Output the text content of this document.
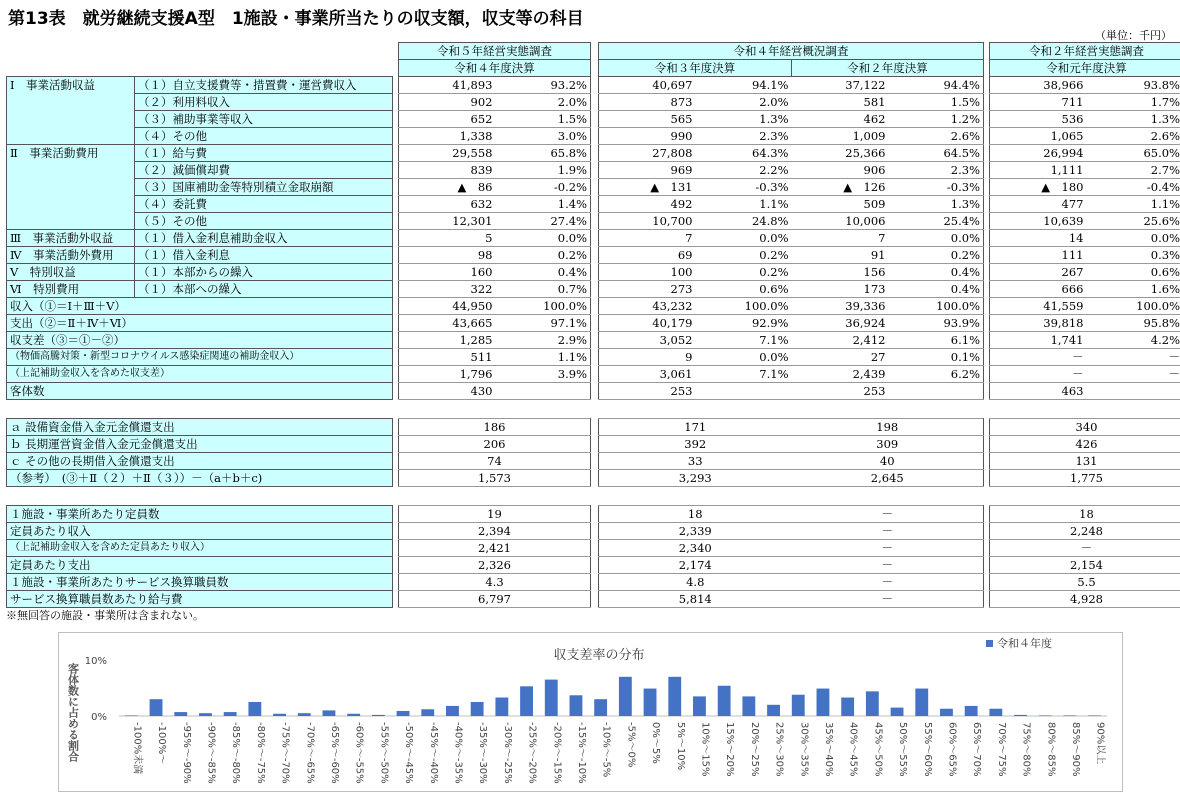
第13表　就労継続支援A型　1施設・事業所当たりの収支額，収支等の科目
（単位：千円）
			令和５年経営実態調査			令和４年経営概況調査					令和２年経営実態調査	
			令和４年度決算			令和３年度決算		令和２年度決算			令和元年度決算	
Ⅰ　事業活動収益	（１）自立支援費等・措置費・運営費収入		41,893	93.2%		40,697	94.1%	37,122	94.4%		38,966	93.8%
	（２）利用料収入		902	2.0%		873	2.0%	581	1.5%		711	1.7%
	（３）補助事業等収入		652	1.5%		565	1.3%	462	1.2%		536	1.3%
	（４）その他		1,338	3.0%		990	2.3%	1,009	2.6%		1,065	2.6%
Ⅱ　事業活動費用	（１）給与費		29,558	65.8%		27,808	64.3%	25,366	64.5%		26,994	65.0%
	（２）減価償却費		839	1.9%		969	2.2%	906	2.3%		1,111	2.7%
	（３）国庫補助金等特別積立金取崩額		▲　86	-0.2%		▲　131	-0.3%	▲　126	-0.3%		▲　180	-0.4%
	（４）委託費		632	1.4%		492	1.1%	509	1.3%		477	1.1%
	（５）その他		12,301	27.4%		10,700	24.8%	10,006	25.4%		10,639	25.6%
Ⅲ　事業活動外収益	（１）借入金利息補助金収入		5	0.0%		7	0.0%	7	0.0%		14	0.0%
Ⅳ　事業活動外費用	（１）借入金利息		98	0.2%		69	0.2%	91	0.2%		111	0.3%
Ⅴ　特別収益	（１）本部からの繰入		160	0.4%		100	0.2%	156	0.4%		267	0.6%
Ⅵ　特別費用	（１）本部への繰入		322	0.7%		273	0.6%	173	0.4%		666	1.6%
収入（①＝Ⅰ＋Ⅲ＋Ⅴ）			44,950	100.0%		43,232	100.0%	39,336	100.0%		41,559	100.0%
支出（②＝Ⅱ＋Ⅳ＋Ⅵ）			43,665	97.1%		40,179	92.9%	36,924	93.9%		39,818	95.8%
収支差（③＝①－②）			1,285	2.9%		3,052	7.1%	2,412	6.1%		1,741	4.2%
（物価高騰対策・新型コロナウイルス感染症関連の補助金収入）			511	1.1%		9	0.0%	27	0.1%		－	－
（上記補助金収入を含めた収支差）			1,796	3.9%		3,061	7.1%	2,439	6.2%		－	－
客体数			430			253		253			463	
ａ 設備資金借入金元金償還支出		186		171	198		340
ｂ 長期運営資金借入金元金償還支出		206		392	309		426
ｃ その他の長期借入金償還支出		74		33	40		131
（参考）　(③＋Ⅱ（２）＋Ⅱ（３））－（a＋b＋c)		1,573		3,293	2,645		1,775
１施設・事業所あたり定員数		19		18	－		18
定員あたり収入		2,394		2,339	－		2,248
（上記補助金収入を含めた定員あたり収入）		2,421		2,340	－		－
定員あたり支出		2,326		2,174	－		2,154
１施設・事業所あたりサービス換算職員数		4.3		4.8	－		5.5
サービス換算職員数あたり給与費		6,797		5,814	－		4,928
※無回答の施設・事業所は含まれない。
収支差率の分布
0%
10%
客体数に占める割合	-100%未満 -100%～ -95%～-90% -90%～-85% -85%～-80% -80%～-75% -75%～-70% -70%～-65% -65%～-60% -60%～-55% -55%～-50% -50%～-45% -45%～-40% -40%～-35% -35%～-30% -30%～-25% -25%～-20% -20%～-15% -15%～-10% -10%～-5% -5%～0% 0%～5% 5%～10% 10%～15% 15%～20% 20%～25% 25%～30% 30%～35% 35%～40% 40%～45% 45%～50% 50%～55% 55%～60% 60%～65% 65%～70% 70%～75% 75%～80% 80%～85% 85%～90% 90%以上
令和４年度
